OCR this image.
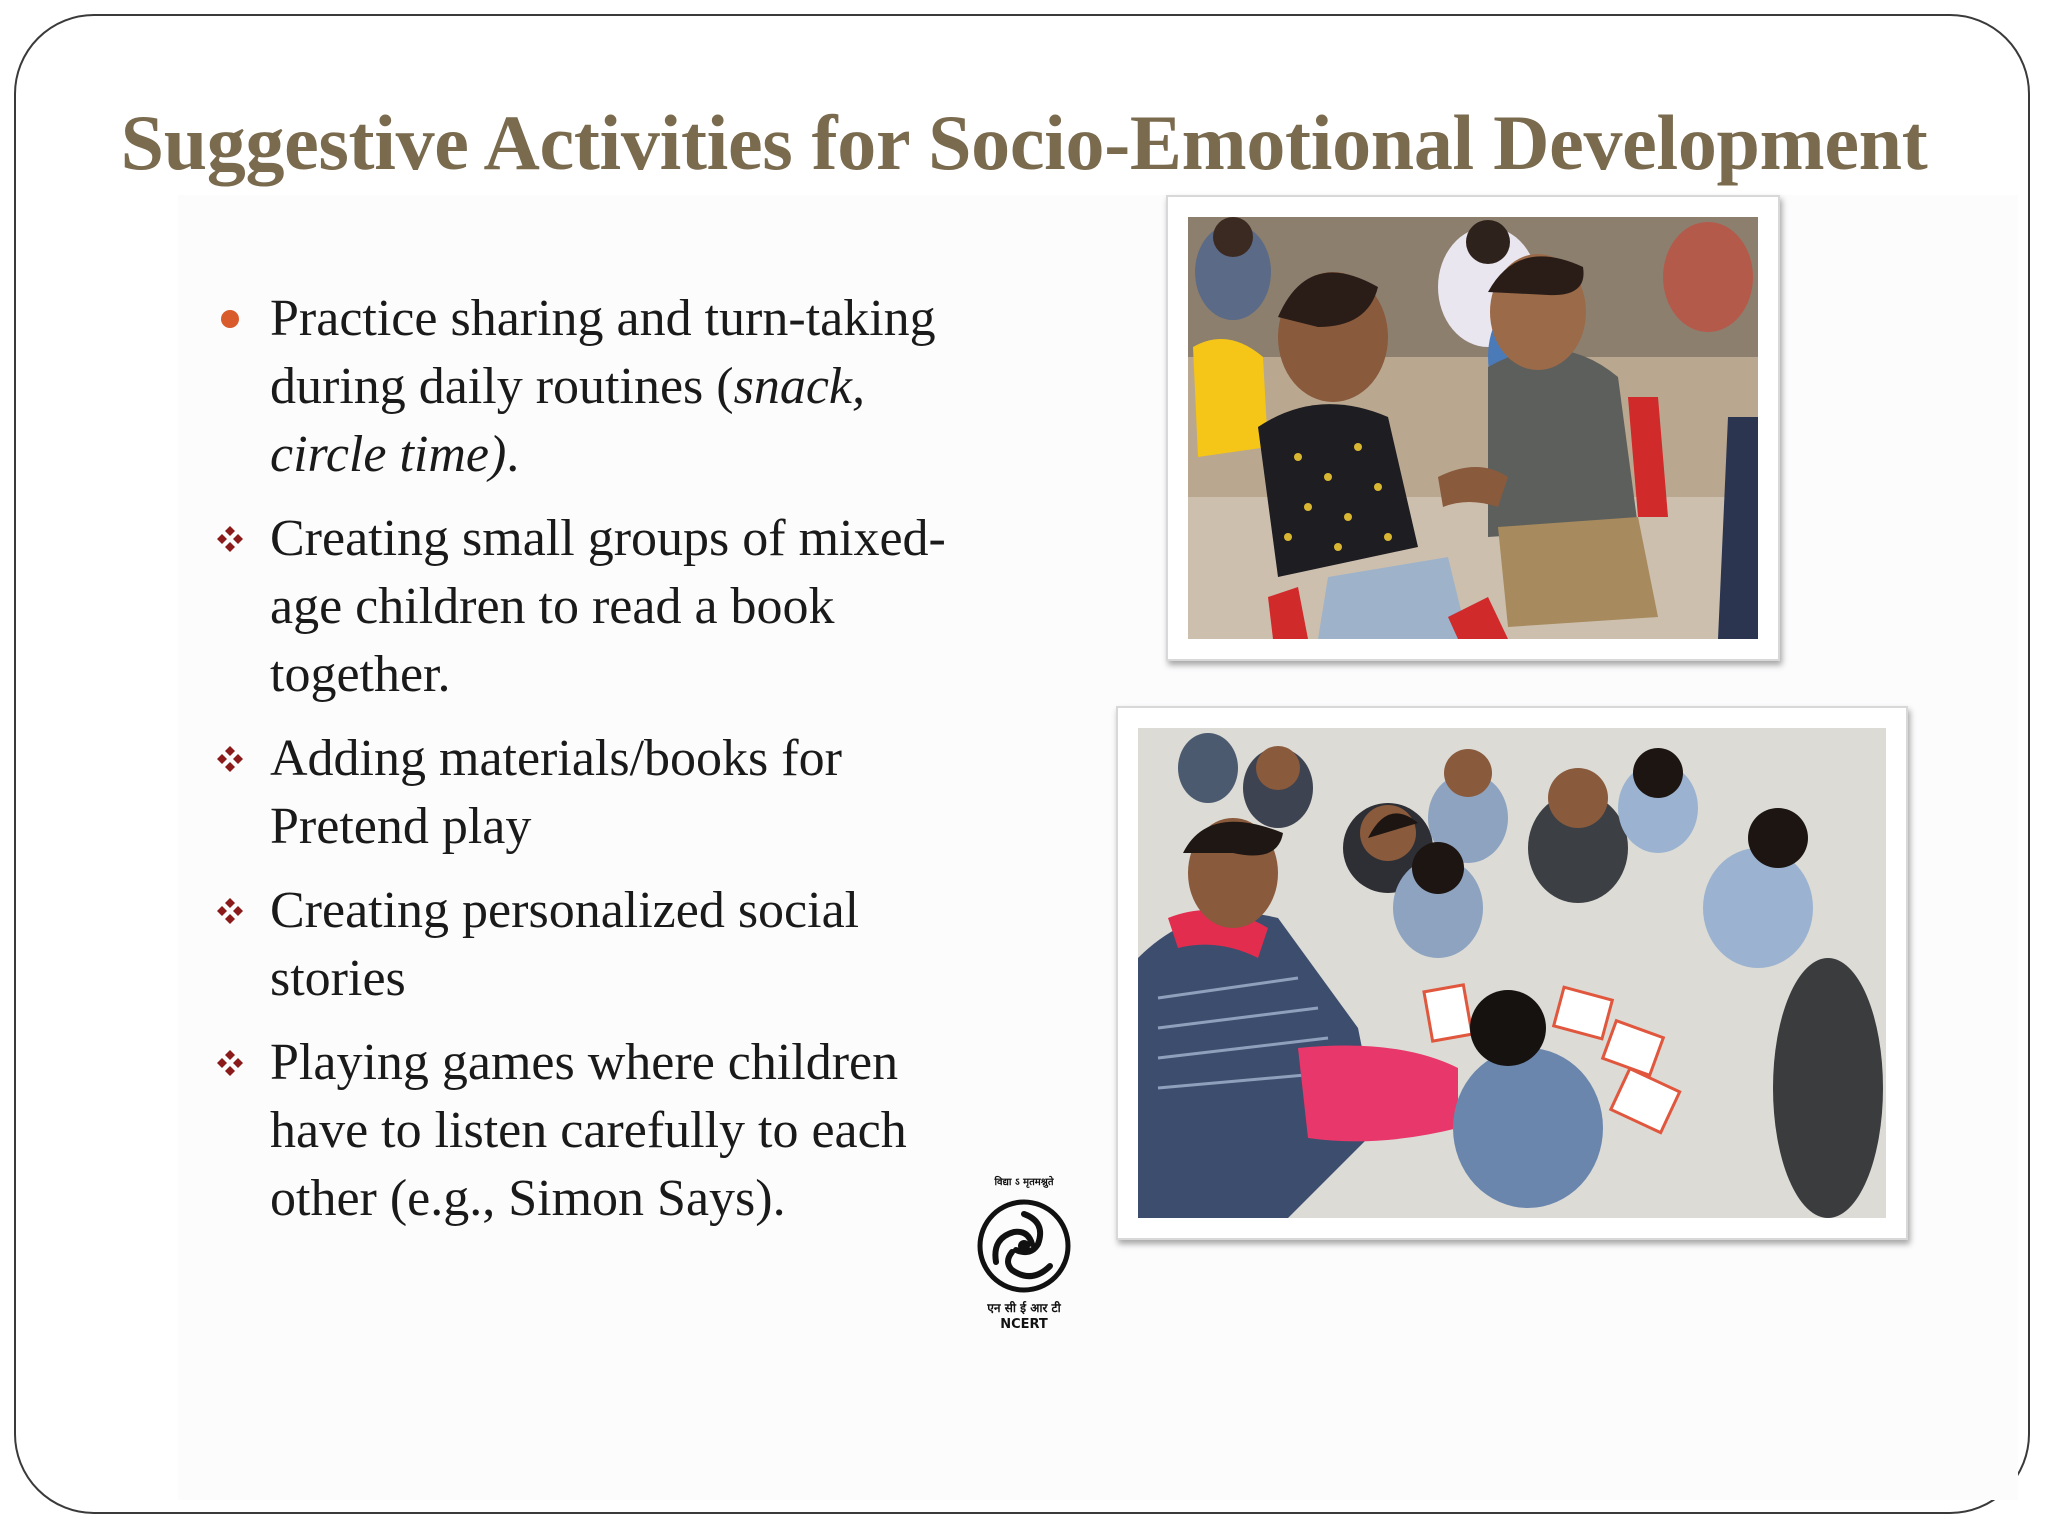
Suggestive Activities for Socio-Emotional Development
Practice sharing and turn-taking during daily routines (snack, circle time).
Creating small groups of mixed-age children to read a book together.
Adding materials/books for Pretend play
Creating personalized social stories
Playing games where children have to listen carefully to each other (e.g., Simon Says).	विद्या ऽ मृतमश्नुते
एन सी ई आर टी
NCERT
